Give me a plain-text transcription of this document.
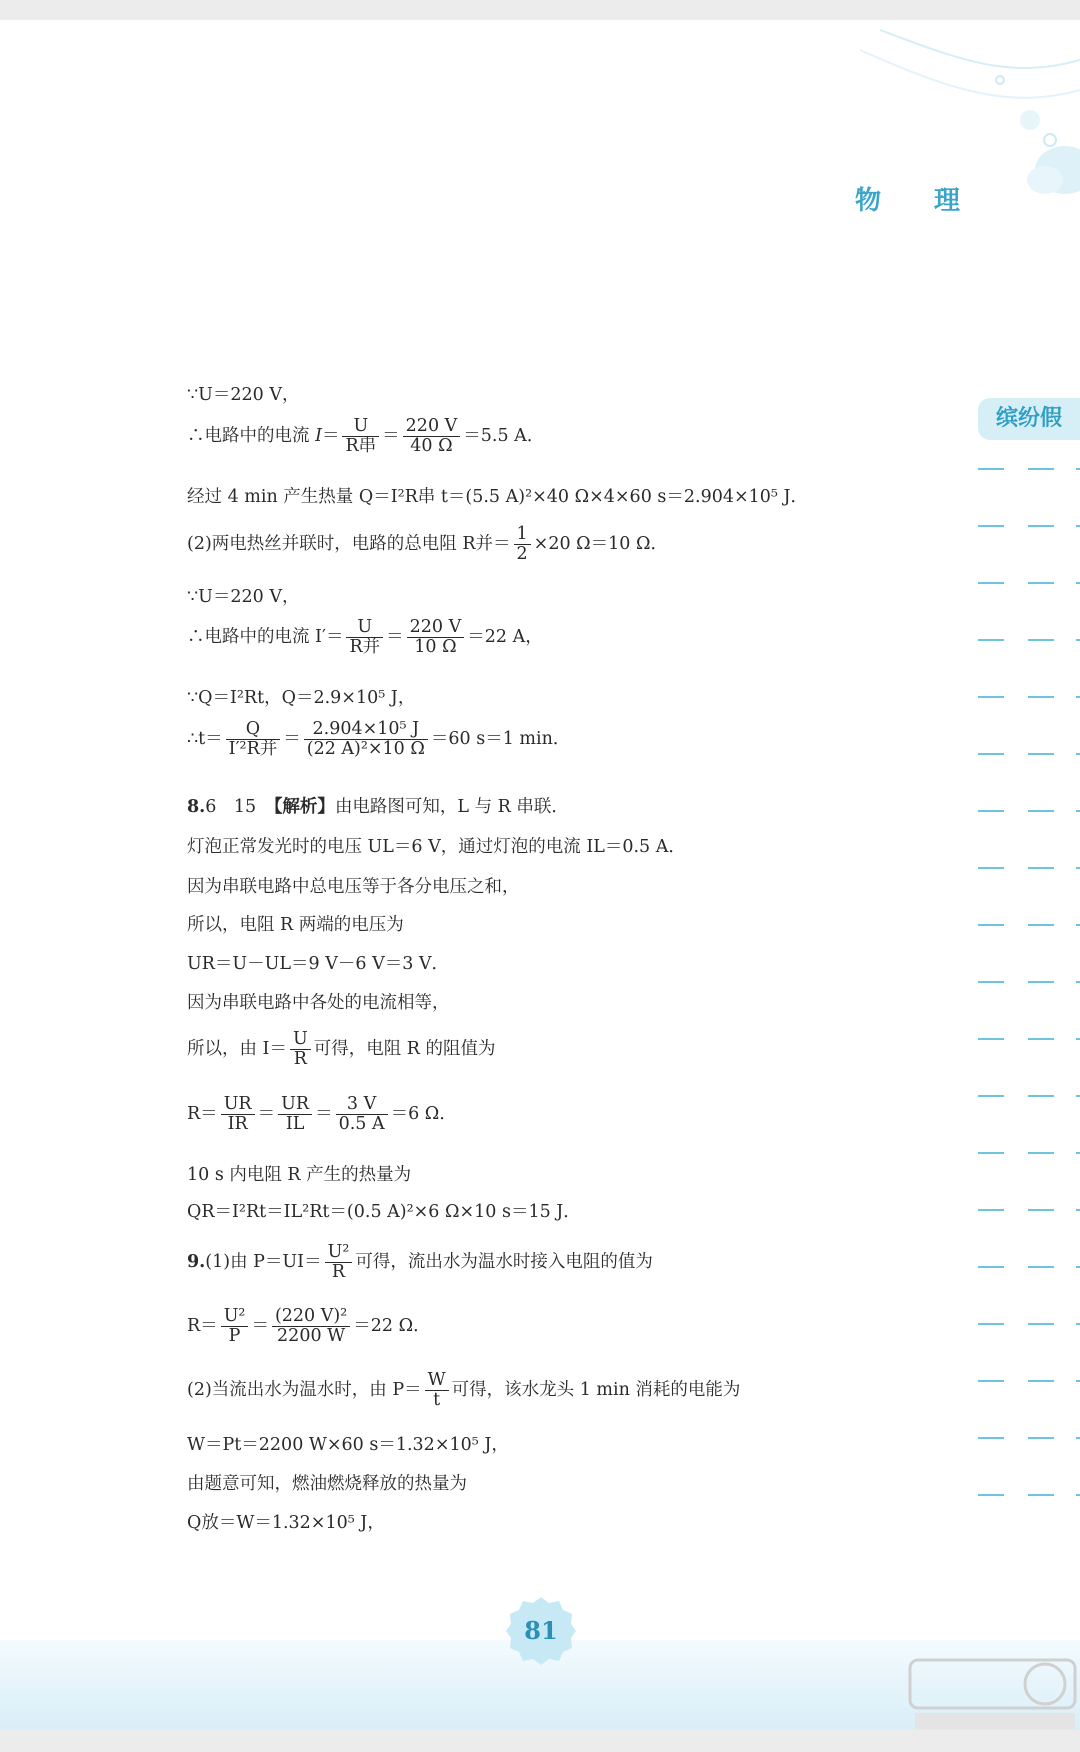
物 理
缤纷假
∵U＝220 V，
∴电路中的电流 $I= \frac{U}{\text{R串}} = \frac{220 V}{40 \Omega} =5.5$ A．
经过 4 min 产生热量 Q＝I²R串 t＝(5.5 A)²×40 Ω×4×60 s＝2.904×10⁵ J．
(2)两电热丝并联时，电路的总电阻 R并＝ $\frac{1}{2} \times 20$ Ω＝10 Ω．
∵U＝220 V，
∴电路中的电流 $I'= \frac{U}{\text{R并}} = \frac{220 V}{10 \Omega} =22$ A，
∵Q＝I²Rt，Q＝2.9×10⁵ J，
∴t＝ $\frac{Q}{\text{I′²R并}} = \frac{\text{2.904×10⁵ J}}{\text{(22 A)²×10 Ω}} =60$ s＝1 min．
8.6　15　 【解析】由电路图可知，L 与 R 串联．
灯泡正常发光时的电压 UL＝6 V，通过灯泡的电流 IL＝0.5 A．
因为串联电路中总电压等于各分电压之和，
所以，电阻 R 两端的电压为
UR＝U－UL＝9 V－6 V＝3 V．
因为串联电路中各处的电流相等，
所以，由 $I= \frac{U}{R}$ 可得，电阻 R 的阻值为
$R= \frac{UR}{IR} = \frac{UR}{IL} = \frac{3 V}{0.5 A} =6$ Ω．
10 s 内电阻 R 产生的热量为
QR＝I²Rt＝IL²Rt＝(0.5 A)²×6 Ω×10 s＝15 J．
9.(1)由 $P=UI= \frac{\text{U²}}{R}$ 可得，流出水为温水时接入电阻的值为
$R= \frac{\text{U²}}{P} = \frac{\text{(220 V)²}}{2200 W} =22$ Ω．
(2)当流出水为温水时，由 $P= \frac{W}{t}$ 可得，该水龙头 1 min 消耗的电能为
W＝Pt＝2200 W×60 s＝1.32×10⁵ J，
由题意可知，燃油燃烧释放的热量为
Q放＝W＝1.32×10⁵ J，
81
